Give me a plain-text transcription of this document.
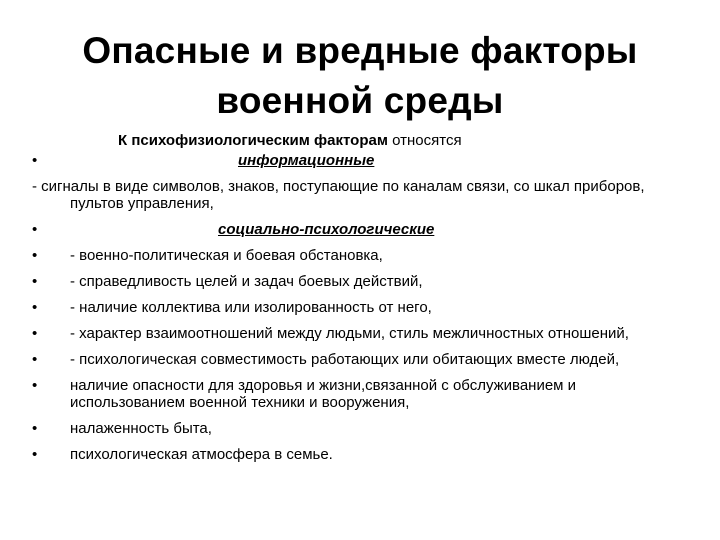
Опасные и вредные факторы
военной среды
К психофизиологическим факторам относятся
•	информационные
- сигналы в виде символов, знаков, поступающие по каналам связи, со шкал приборов, пультов управления,
•	социально-психологические
•	- военно-политическая и боевая обстановка,
•	- справедливость целей и задач боевых действий,
•	- наличие коллектива или изолированность от него,
•	- характер взаимоотношений между людьми, стиль межличностных отношений,
•	- психологическая совместимость работающих или обитающих вместе людей,
•	наличие опасности для здоровья и жизни,связанной с обслуживанием и использованием военной техники и вооружения,
•	налаженность быта,
•	психологическая атмосфера в семье.
